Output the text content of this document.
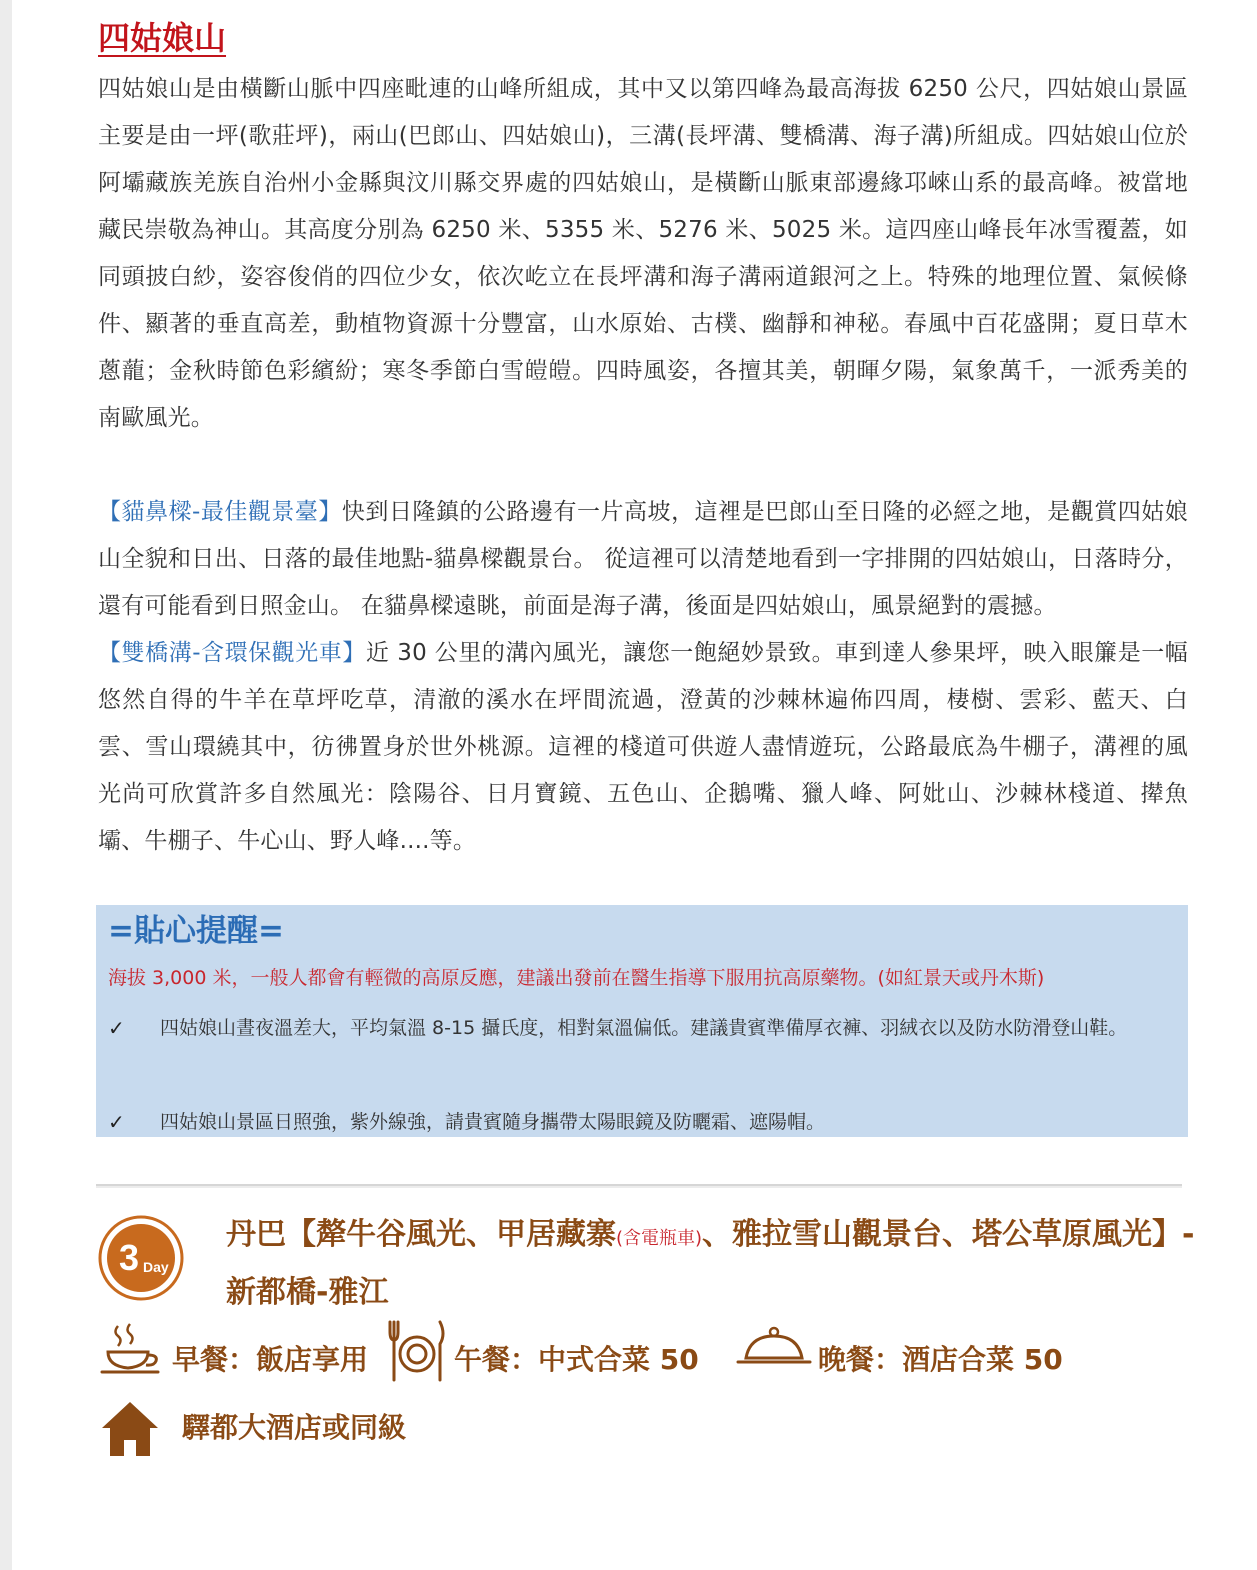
四姑娘山

四姑娘山是由橫斷山脈中四座毗連的山峰所組成，其中又以第四峰為最高海拔 6250 公尺，四姑娘山景區主要是由一坪(歌莊坪)，兩山(巴郎山、四姑娘山)，三溝(長坪溝、雙橋溝、海子溝)所組成。四姑娘山位於阿壩藏族羌族自治州小金縣與汶川縣交界處的四姑娘山，是橫斷山脈東部邊緣邛崍山系的最高峰。被當地藏民崇敬為神山。其高度分別為 6250 米、5355 米、5276 米、5025 米。這四座山峰長年冰雪覆蓋，如同頭披白紗，姿容俊俏的四位少女，依次屹立在長坪溝和海子溝兩道銀河之上。特殊的地理位置、氣候條件、顯著的垂直高差，動植物資源十分豐富，山水原始、古樸、幽靜和神秘。春風中百花盛開；夏日草木蔥蘢；金秋時節色彩繽紛；寒冬季節白雪皚皚。四時風姿，各擅其美，朝暉夕陽，氣象萬千，一派秀美的南歐風光。

【貓鼻樑-最佳觀景臺】快到日隆鎮的公路邊有一片高坡，這裡是巴郎山至日隆的必經之地，是觀賞四姑娘山全貌和日出、日落的最佳地點-貓鼻樑觀景台。 從這裡可以清楚地看到一字排開的四姑娘山，日落時分，還有可能看到日照金山。 在貓鼻樑遠眺，前面是海子溝，後面是四姑娘山，風景絕對的震撼。

【雙橋溝-含環保觀光車】近 30 公里的溝內風光，讓您一飽絕妙景致。車到達人參果坪，映入眼簾是一幅悠然自得的牛羊在草坪吃草，清澈的溪水在坪間流過，澄黃的沙棘林遍佈四周，棲樹、雲彩、藍天、白雲、雪山環繞其中，彷彿置身於世外桃源。這裡的棧道可供遊人盡情遊玩，公路最底為牛棚子，溝裡的風光尚可欣賞許多自然風光：陰陽谷、日月寶鏡、五色山、企鵝嘴、獵人峰、阿妣山、沙棘林棧道、撵魚壩、牛棚子、牛心山、野人峰....等。

=貼心提醒=
海拔 3,000 米，一般人都會有輕微的高原反應，建議出發前在醫生指導下服用抗高原藥物。(如紅景天或丹木斯)
✓ 四姑娘山晝夜溫差大，平均氣溫 8-15 攝氏度，相對氣溫偏低。建議貴賓準備厚衣褲、羽絨衣以及防水防滑登山鞋。
✓ 四姑娘山景區日照強，紫外線強，請貴賓隨身攜帶太陽眼鏡及防曬霜、遮陽帽。
3 Day
丹巴【犛牛谷風光、甲居藏寨(含電瓶車)、雅拉雪山觀景台、塔公草原風光】-新都橋-雅江
早餐：飯店享用	午餐：中式合菜 50	晚餐：酒店合菜 50
驛都大酒店或同級
